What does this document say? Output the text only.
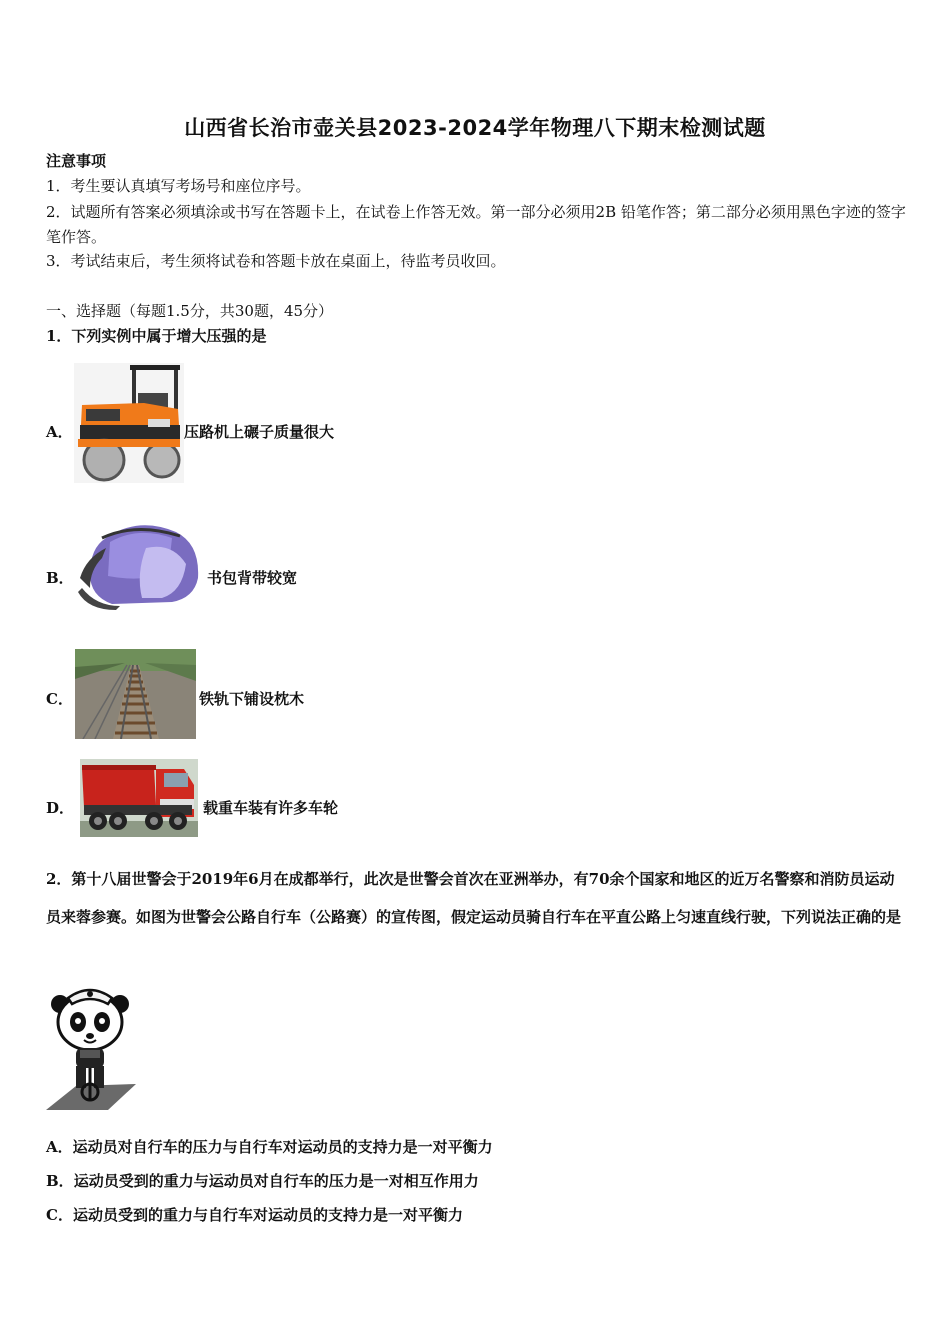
山西省长治市壶关县2023-2024学年物理八下期末检测试题
注意事项
1．考生要认真填写考场号和座位序号。
2．试题所有答案必须填涂或书写在答题卡上，在试卷上作答无效。第一部分必须用2B 铅笔作答；第二部分必须用黑色字迹的签字笔作答。
3．考试结束后，考生须将试卷和答题卡放在桌面上，待监考员收回。
一、选择题（每题1.5分，共30题，45分）
1．下列实例中属于增大压强的是
A．	压路机上碾子质量很大
B．	书包背带较宽
C．	铁轨下铺设枕木
D．	载重车装有许多车轮
2．第十八届世警会于2019年6月在成都举行，此次是世警会首次在亚洲举办，有70余个国家和地区的近万名警察和消防员运动员来蓉参赛。如图为世警会公路自行车（公路赛）的宣传图，假定运动员骑自行车在平直公路上匀速直线行驶，下列说法正确的是
A．运动员对自行车的压力与自行车对运动员的支持力是一对平衡力
B．运动员受到的重力与运动员对自行车的压力是一对相互作用力
C．运动员受到的重力与自行车对运动员的支持力是一对平衡力
